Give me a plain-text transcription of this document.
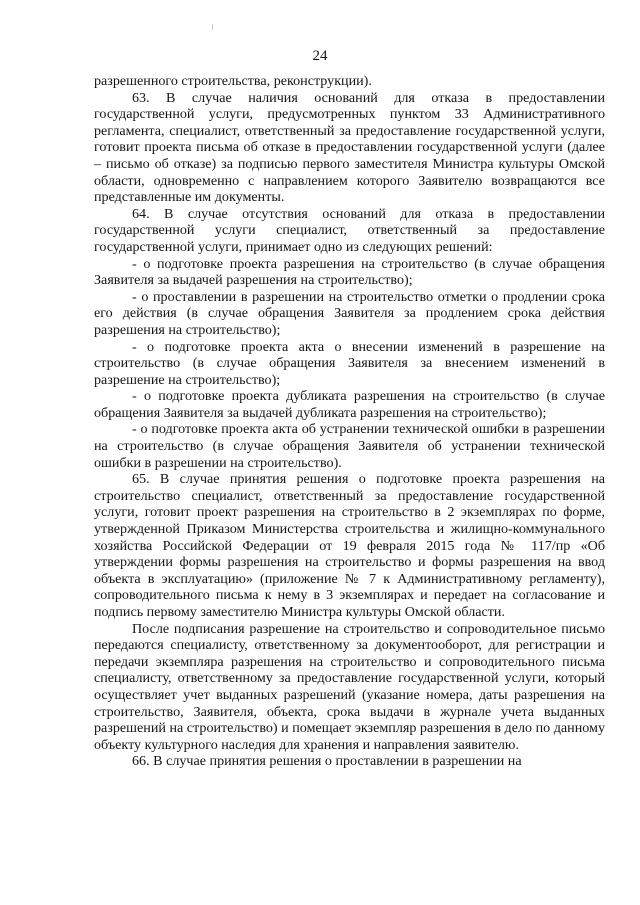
24

разрешенного строительства, реконструкции).

63. В случае наличия оснований для отказа в предоставлении государственной услуги, предусмотренных пунктом 33 Административного регламента, специалист, ответственный за предоставление государственной услуги, готовит проекта письма об отказе в предоставлении государственной услуги (далее – письмо об отказе) за подписью первого заместителя Министра культуры Омской области, одновременно с направлением которого Заявителю возвращаются все представленные им документы.

64. В случае отсутствия оснований для отказа в предоставлении государственной услуги специалист, ответственный за предоставление государственной услуги, принимает одно из следующих решений:

- о подготовке проекта разрешения на строительство (в случае обращения Заявителя за выдачей разрешения на строительство);

- о проставлении в разрешении на строительство отметки о продлении срока его действия (в случае обращения Заявителя за продлением срока действия разрешения на строительство);

- о подготовке проекта акта о внесении изменений в разрешение на строительство (в случае обращения Заявителя за внесением изменений в разрешение на строительство);

- о подготовке проекта дубликата разрешения на строительство (в случае обращения Заявителя за выдачей дубликата разрешения на строительство);

- о подготовке проекта акта об устранении технической ошибки в разрешении на строительство (в случае обращения Заявителя об устранении технической ошибки в разрешении на строительство).

65. В случае принятия решения о подготовке проекта разрешения на строительство специалист, ответственный за предоставление государственной услуги, готовит проект разрешения на строительство в 2 экземплярах по форме, утвержденной Приказом Министерства строительства и жилищно-коммунального хозяйства Российской Федерации от 19 февраля 2015 года № 117/пр «Об утверждении формы разрешения на строительство и формы разрешения на ввод объекта в эксплуатацию» (приложение № 7 к Административному регламенту), сопроводительного письма к нему в 3 экземплярах и передает на согласование и подпись первому заместителю Министра культуры Омской области.

После подписания разрешение на строительство и сопроводительное письмо передаются специалисту, ответственному за документооборот, для регистрации и передачи экземпляра разрешения на строительство и сопроводительного письма специалисту, ответственному за предоставление государственной услуги, который осуществляет учет выданных разрешений (указание номера, даты разрешения на строительство, Заявителя, объекта, срока выдачи в журнале учета выданных разрешений на строительство) и помещает экземпляр разрешения в дело по данному объекту культурного наследия для хранения и направления заявителю.

66. В случае принятия решения о проставлении в разрешении на
